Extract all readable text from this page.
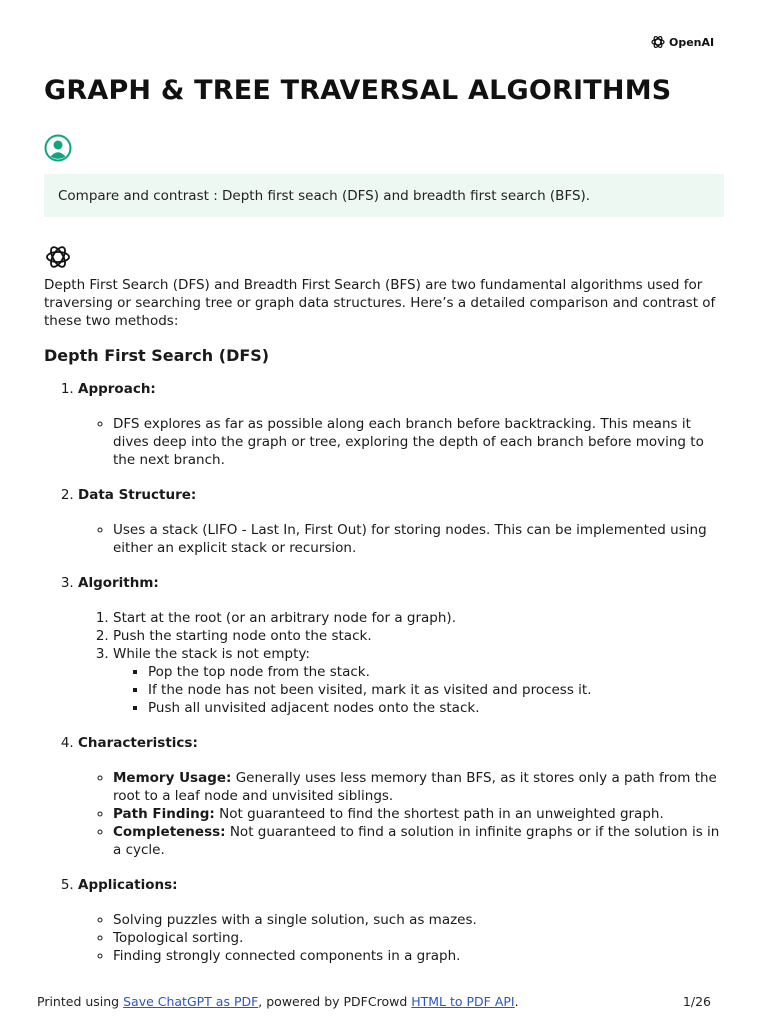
OpenAI
GRAPH & TREE TRAVERSAL ALGORITHMS
Compare and contrast : Depth first seach (DFS) and breadth first search (BFS).

Depth First Search (DFS) and Breadth First Search (BFS) are two fundamental algorithms used for traversing or searching tree or graph data structures. Here’s a detailed comparison and contrast of these two methods:

Depth First Search (DFS)
1. Approach:
◦ DFS explores as far as possible along each branch before backtracking. This means it dives deep into the graph or tree, exploring the depth of each branch before moving to the next branch.
2. Data Structure:
◦ Uses a stack (LIFO - Last In, First Out) for storing nodes. This can be implemented using either an explicit stack or recursion.
3. Algorithm:
1. Start at the root (or an arbitrary node for a graph).
2. Push the starting node onto the stack.
3. While the stack is not empty:
▪ Pop the top node from the stack.
▪ If the node has not been visited, mark it as visited and process it.
▪ Push all unvisited adjacent nodes onto the stack.
4. Characteristics:
◦ Memory Usage: Generally uses less memory than BFS, as it stores only a path from the root to a leaf node and unvisited siblings.
◦ Path Finding: Not guaranteed to find the shortest path in an unweighted graph.
◦ Completeness: Not guaranteed to find a solution in infinite graphs or if the solution is in a cycle.
5. Applications:
◦ Solving puzzles with a single solution, such as mazes.
◦ Topological sorting.
◦ Finding strongly connected components in a graph.
Printed using Save ChatGPT as PDF, powered by PDFCrowd HTML to PDF API.	1/26
